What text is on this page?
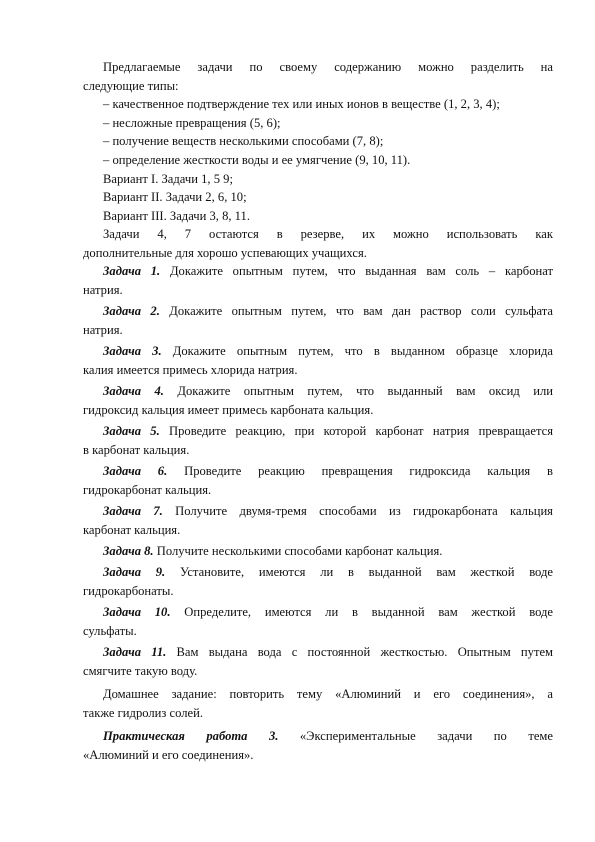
Предлагаемые задачи по своему содержанию можно разделить на
следующие типы:
– качественное подтверждение тех или иных ионов в веществе (1, 2, 3, 4);
– несложные превращения (5, 6);
– получение веществ несколькими способами (7, 8);
– определение жесткости воды и ее умягчение (9, 10, 11).
Вариант I. Задачи 1, 5 9;
Вариант II. Задачи 2, 6, 10;
Вариант III. Задачи 3, 8, 11.
Задачи 4, 7 остаются в резерве, их можно использовать как
дополнительные для хорошо успевающих учащихся.
Задача 1. Докажите опытным путем, что выданная вам соль – карбонат
натрия.
Задача 2. Докажите опытным путем, что вам дан раствор соли сульфата
натрия.
Задача 3. Докажите опытным путем, что в выданном образце хлорида
калия имеется примесь хлорида натрия.
Задача 4. Докажите опытным путем, что выданный вам оксид или
гидроксид кальция имеет примесь карбоната кальция.
Задача 5. Проведите реакцию, при которой карбонат натрия превращается
в карбонат кальция.
Задача 6. Проведите реакцию превращения гидроксида кальция в
гидрокарбонат кальция.
Задача 7. Получите двумя-тремя способами из гидрокарбоната кальция
карбонат кальция.
Задача 8. Получите несколькими способами карбонат кальция.
Задача 9. Установите, имеются ли в выданной вам жесткой воде
гидрокарбонаты.
Задача 10. Определите, имеются ли в выданной вам жесткой воде
сульфаты.
Задача 11. Вам выдана вода с постоянной жесткостью. Опытным путем
смягчите такую воду.
Домашнее задание: повторить тему «Алюминий и его соединения», а
также гидролиз солей.
Практическая работа 3. «Экспериментальные задачи по теме
«Алюминий и его соединения».
